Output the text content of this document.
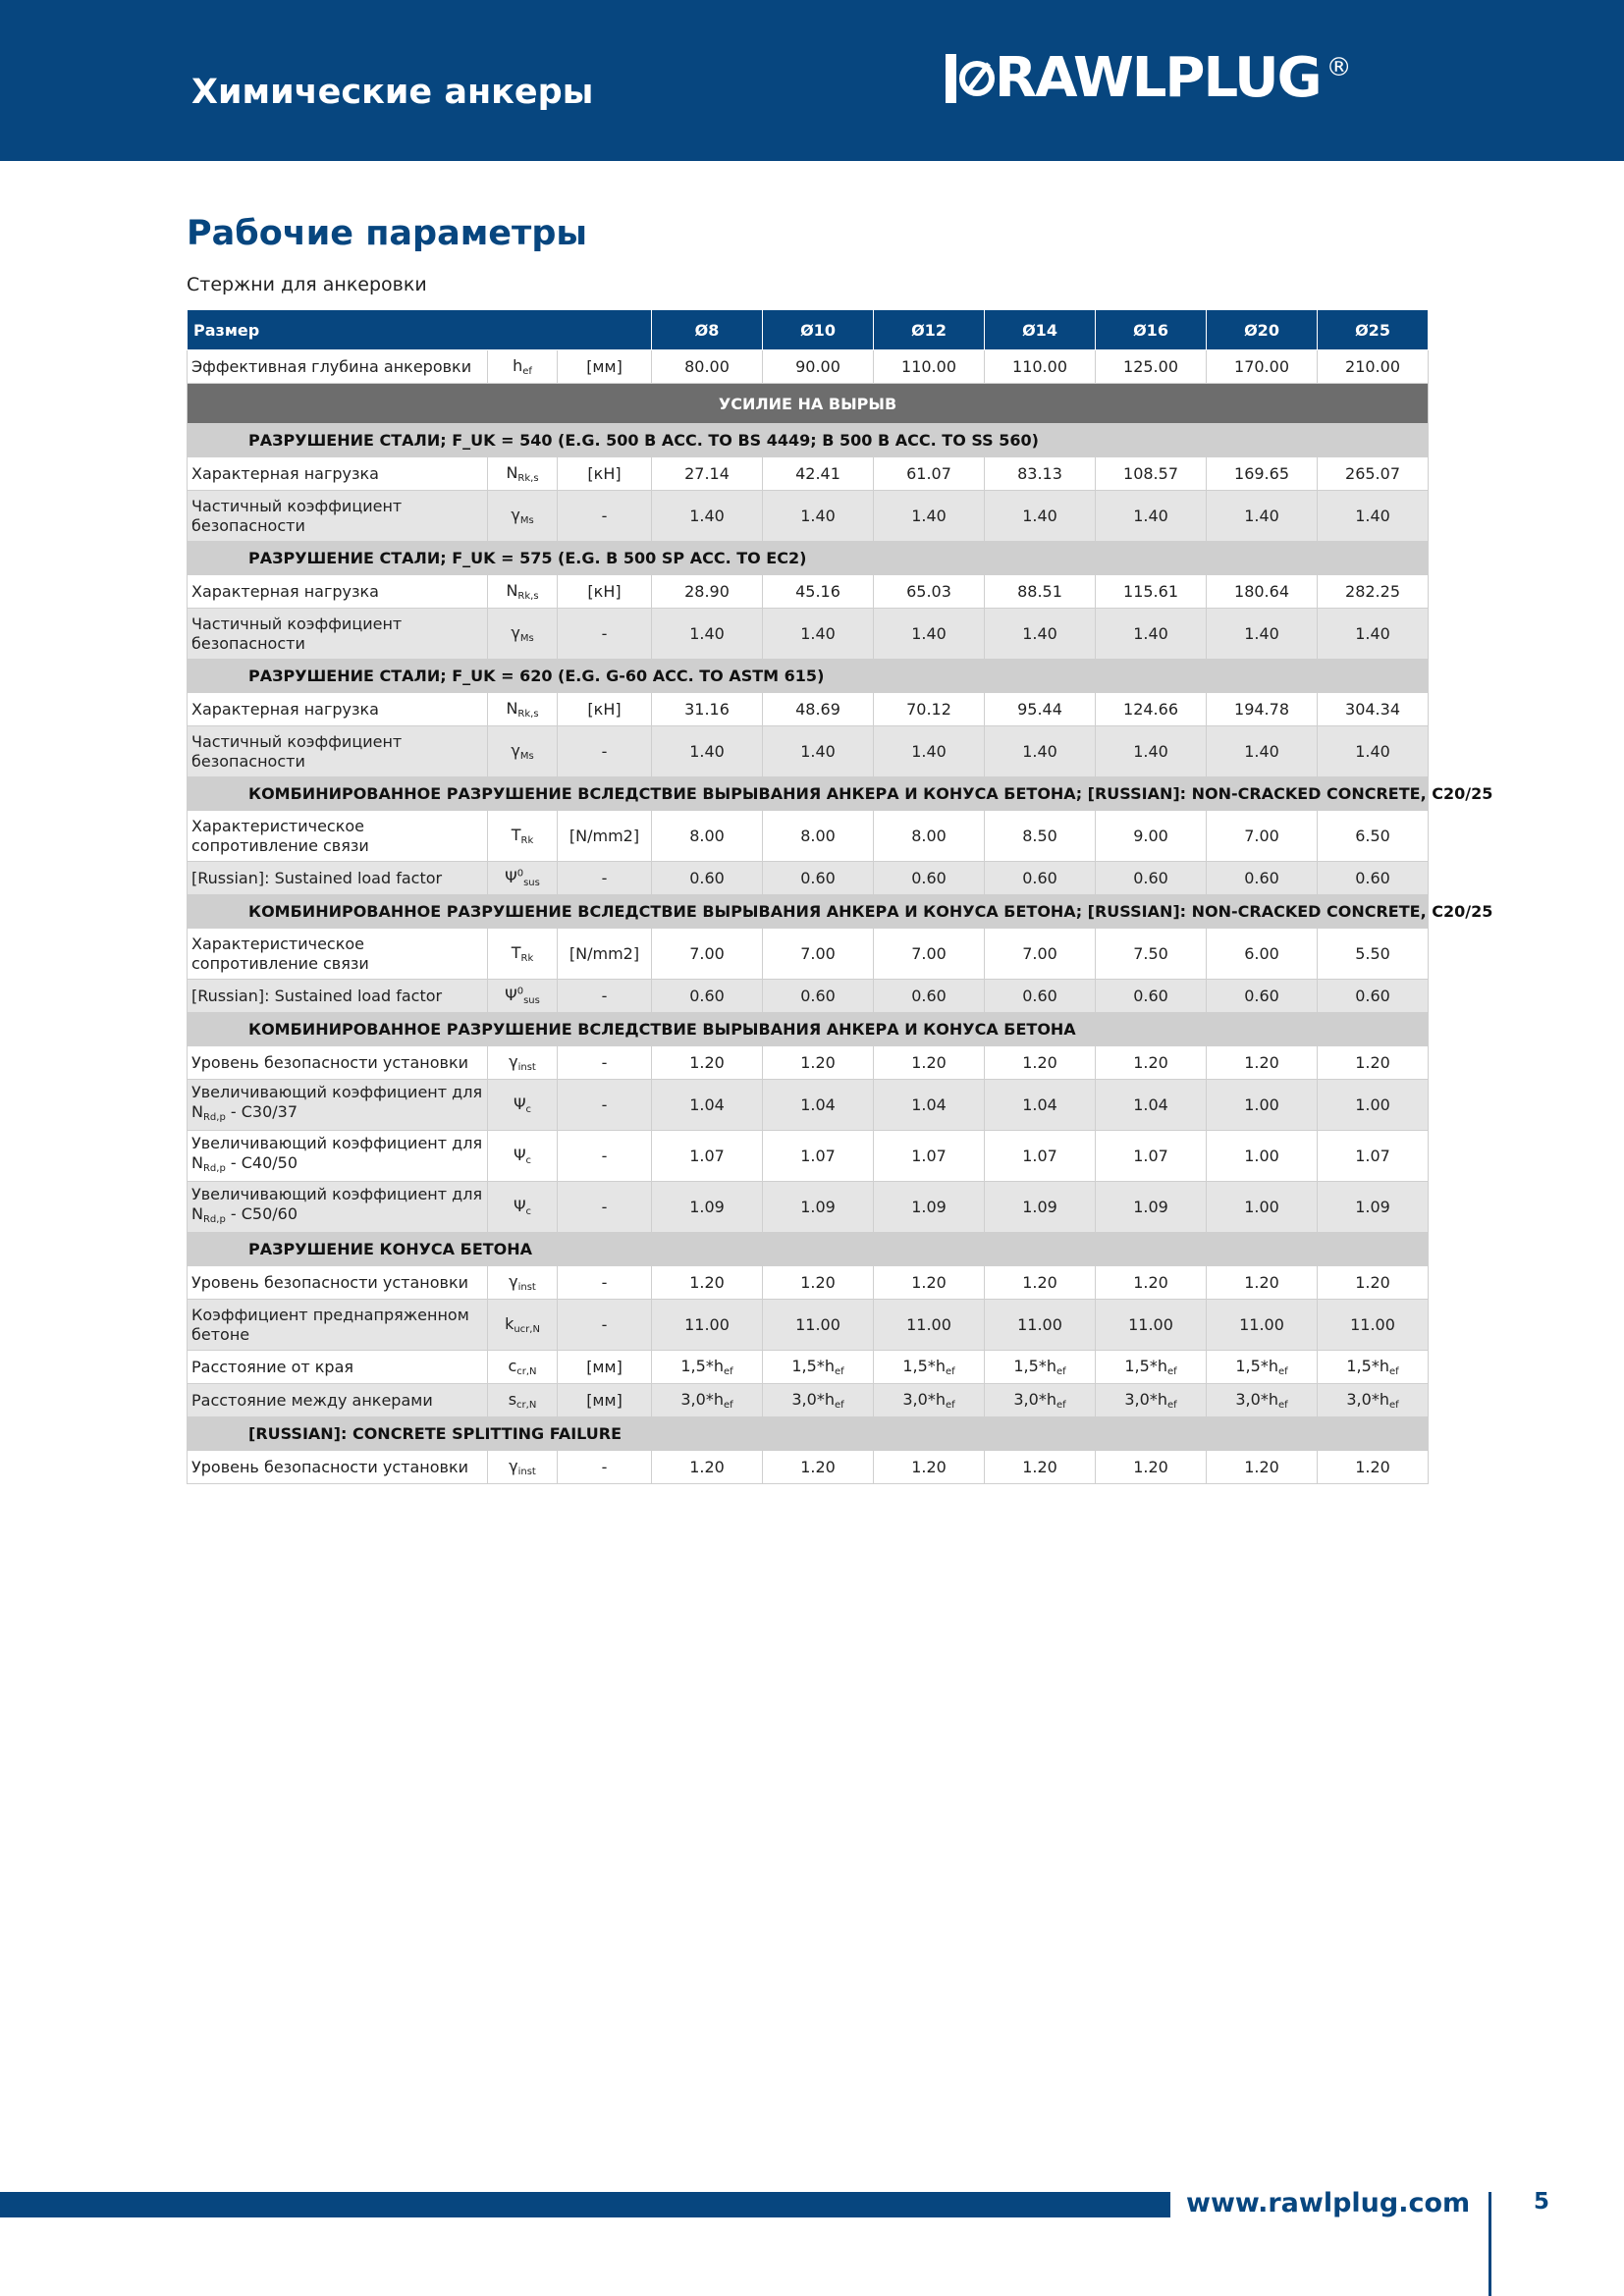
Химические анкеры	RAWLPLUG ®
Рабочие параметры
Стержни для анкеровки
Размер			Ø8	Ø10	Ø12	Ø14	Ø16	Ø20	Ø25
Эффективная глубина анкеровки	$h_{ef}$	[мм]	80.00	90.00	110.00	110.00	125.00	170.00	210.00
УСИЛИЕ НА ВЫРЫВ									
РАЗРУШЕНИЕ СТАЛИ; F_UK = 540 (E.G. 500 B ACC. TO BS 4449; B 500 B ACC. TO SS 560)									
Характерная нагрузка	$N_{Rk,s}$	[кН]	27.14	42.41	61.07	83.13	108.57	169.65	265.07
Частичный коэффициент безопасности	$\gamma_{Ms}$	-	1.40	1.40	1.40	1.40	1.40	1.40	1.40
РАЗРУШЕНИЕ СТАЛИ; F_UK = 575 (E.G. B 500 SP ACC. TO EC2)									
Характерная нагрузка	$N_{Rk,s}$	[кН]	28.90	45.16	65.03	88.51	115.61	180.64	282.25
Частичный коэффициент безопасности	$\gamma_{Ms}$	-	1.40	1.40	1.40	1.40	1.40	1.40	1.40
РАЗРУШЕНИЕ СТАЛИ; F_UK = 620 (E.G. G-60 ACC. TO ASTM 615)									
Характерная нагрузка	$N_{Rk,s}$	[кН]	31.16	48.69	70.12	95.44	124.66	194.78	304.34
Частичный коэффициент безопасности	$\gamma_{Ms}$	-	1.40	1.40	1.40	1.40	1.40	1.40	1.40
КОМБИНИРОВАННОЕ РАЗРУШЕНИЕ ВСЛЕДСТВИЕ ВЫРЫВАНИЯ АНКЕРА И КОНУСА БЕТОНА; [RUSSIAN]: NON-CRACKED CONCRETE, C20/25									
Характеристическое сопротивление связи	$T_{Rk}$	[N/mm2]	8.00	8.00	8.00	8.50	9.00	7.00	6.50
[Russian]: Sustained load factor	$\Psi^0_{sus}$	-	0.60	0.60	0.60	0.60	0.60	0.60	0.60
КОМБИНИРОВАННОЕ РАЗРУШЕНИЕ ВСЛЕДСТВИЕ ВЫРЫВАНИЯ АНКЕРА И КОНУСА БЕТОНА; [RUSSIAN]: NON-CRACKED CONCRETE, C20/25									
Характеристическое сопротивление связи	$T_{Rk}$	[N/mm2]	7.00	7.00	7.00	7.00	7.50	6.00	5.50
[Russian]: Sustained load factor	$\Psi^0_{sus}$	-	0.60	0.60	0.60	0.60	0.60	0.60	0.60
КОМБИНИРОВАННОЕ РАЗРУШЕНИЕ ВСЛЕДСТВИЕ ВЫРЫВАНИЯ АНКЕРА И КОНУСА БЕТОНА									
Уровень безопасности установки	$\gamma_{inst}$	-	1.20	1.20	1.20	1.20	1.20	1.20	1.20
Увеличивающий коэффициент для $N_{Rd,p} - C30/37$	$\Psi_c$	-	1.04	1.04	1.04	1.04	1.04	1.00	1.00
Увеличивающий коэффициент для $N_{Rd,p} - C40/50$	$\Psi_c$	-	1.07	1.07	1.07	1.07	1.07	1.00	1.07
Увеличивающий коэффициент для $N_{Rd,p} - C50/60$	$\Psi_c$	-	1.09	1.09	1.09	1.09	1.09	1.00	1.09
РАЗРУШЕНИЕ КОНУСА БЕТОНА									
Уровень безопасности установки	$\gamma_{inst}$	-	1.20	1.20	1.20	1.20	1.20	1.20	1.20
Коэффициент преднапряженном бетоне	$k_{ucr,N}$	-	11.00	11.00	11.00	11.00	11.00	11.00	11.00
Расстояние от края	$c_{cr,N}$	[мм]	$1,5*h_{ef}$	$1,5*h_{ef}$	$1,5*h_{ef}$	$1,5*h_{ef}$	$1,5*h_{ef}$	$1,5*h_{ef}$	$1,5*h_{ef}$
Расстояние между анкерами	$s_{cr,N}$	[мм]	$3,0*h_{ef}$	$3,0*h_{ef}$	$3,0*h_{ef}$	$3,0*h_{ef}$	$3,0*h_{ef}$	$3,0*h_{ef}$	$3,0*h_{ef}$
[RUSSIAN]: CONCRETE SPLITTING FAILURE									
Уровень безопасности установки	$\gamma_{inst}$	-	1.20	1.20	1.20	1.20	1.20	1.20	1.20
www.rawlplug.com	5
